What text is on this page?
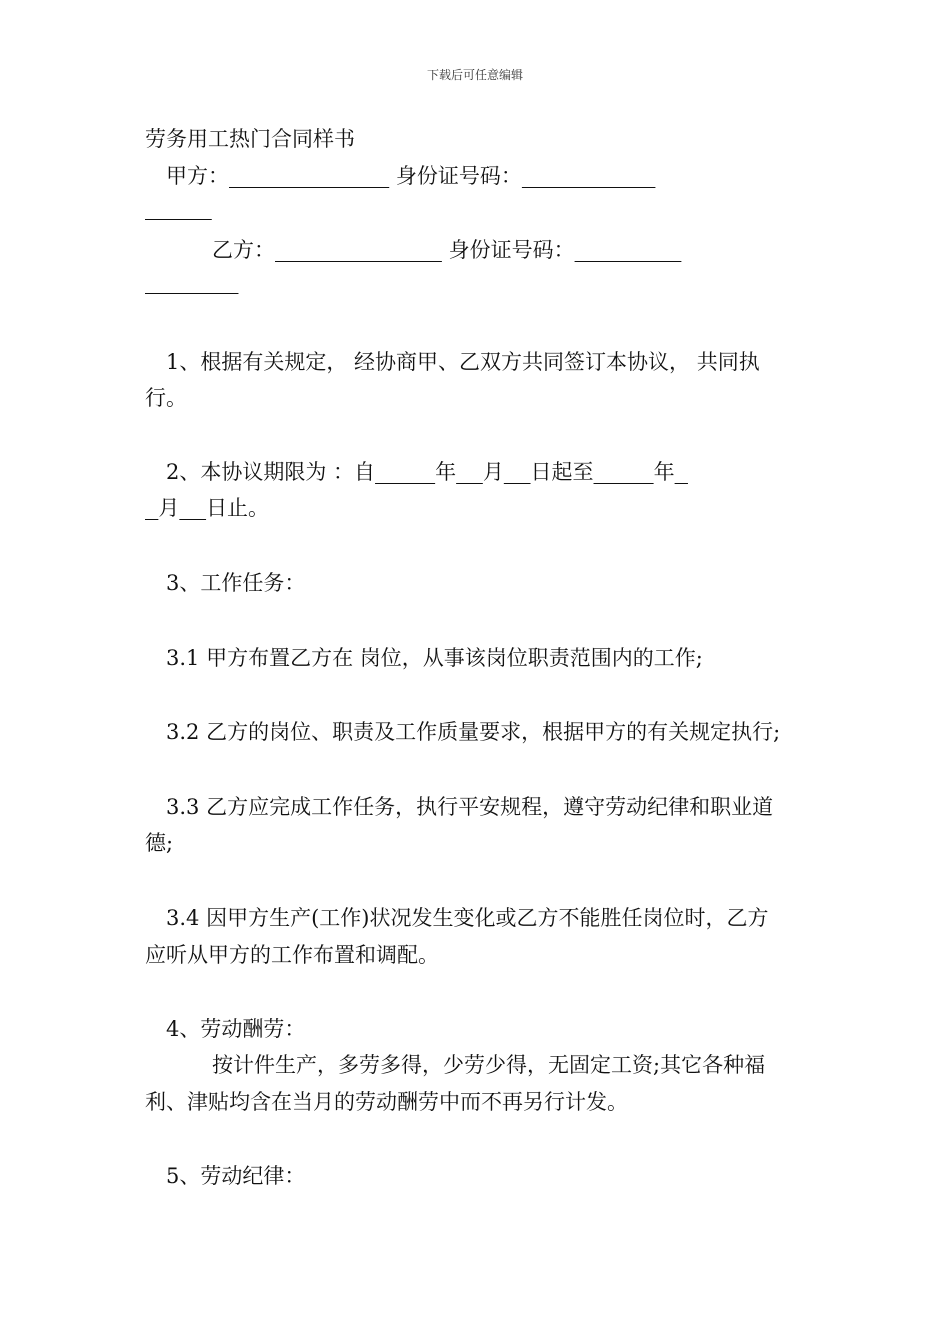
下载后可任意编辑
劳务用工热门合同样书
甲方：	身份证号码：

乙方：	身份证号码：

1、根据有关规定， 经协商甲、乙双方共同签订本协议， 共同执
行。
2、本协议期限为 ：自	年 月 日起至	年
月 日止。
3、工作任务：
3.1 甲方布置乙方在 岗位，从事该岗位职责范围内的工作;
3.2 乙方的岗位、职责及工作质量要求，根据甲方的有关规定执行;
3.3 乙方应完成工作任务，执行平安规程，遵守劳动纪律和职业道
德;
3.4 因甲方生产(工作)状况发生变化或乙方不能胜任岗位时，乙方
应听从甲方的工作布置和调配。
4、劳动酬劳：
按计件生产，多劳多得，少劳少得，无固定工资;其它各种福
利、津贴均含在当月的劳动酬劳中而不再另行计发。
5、劳动纪律：
